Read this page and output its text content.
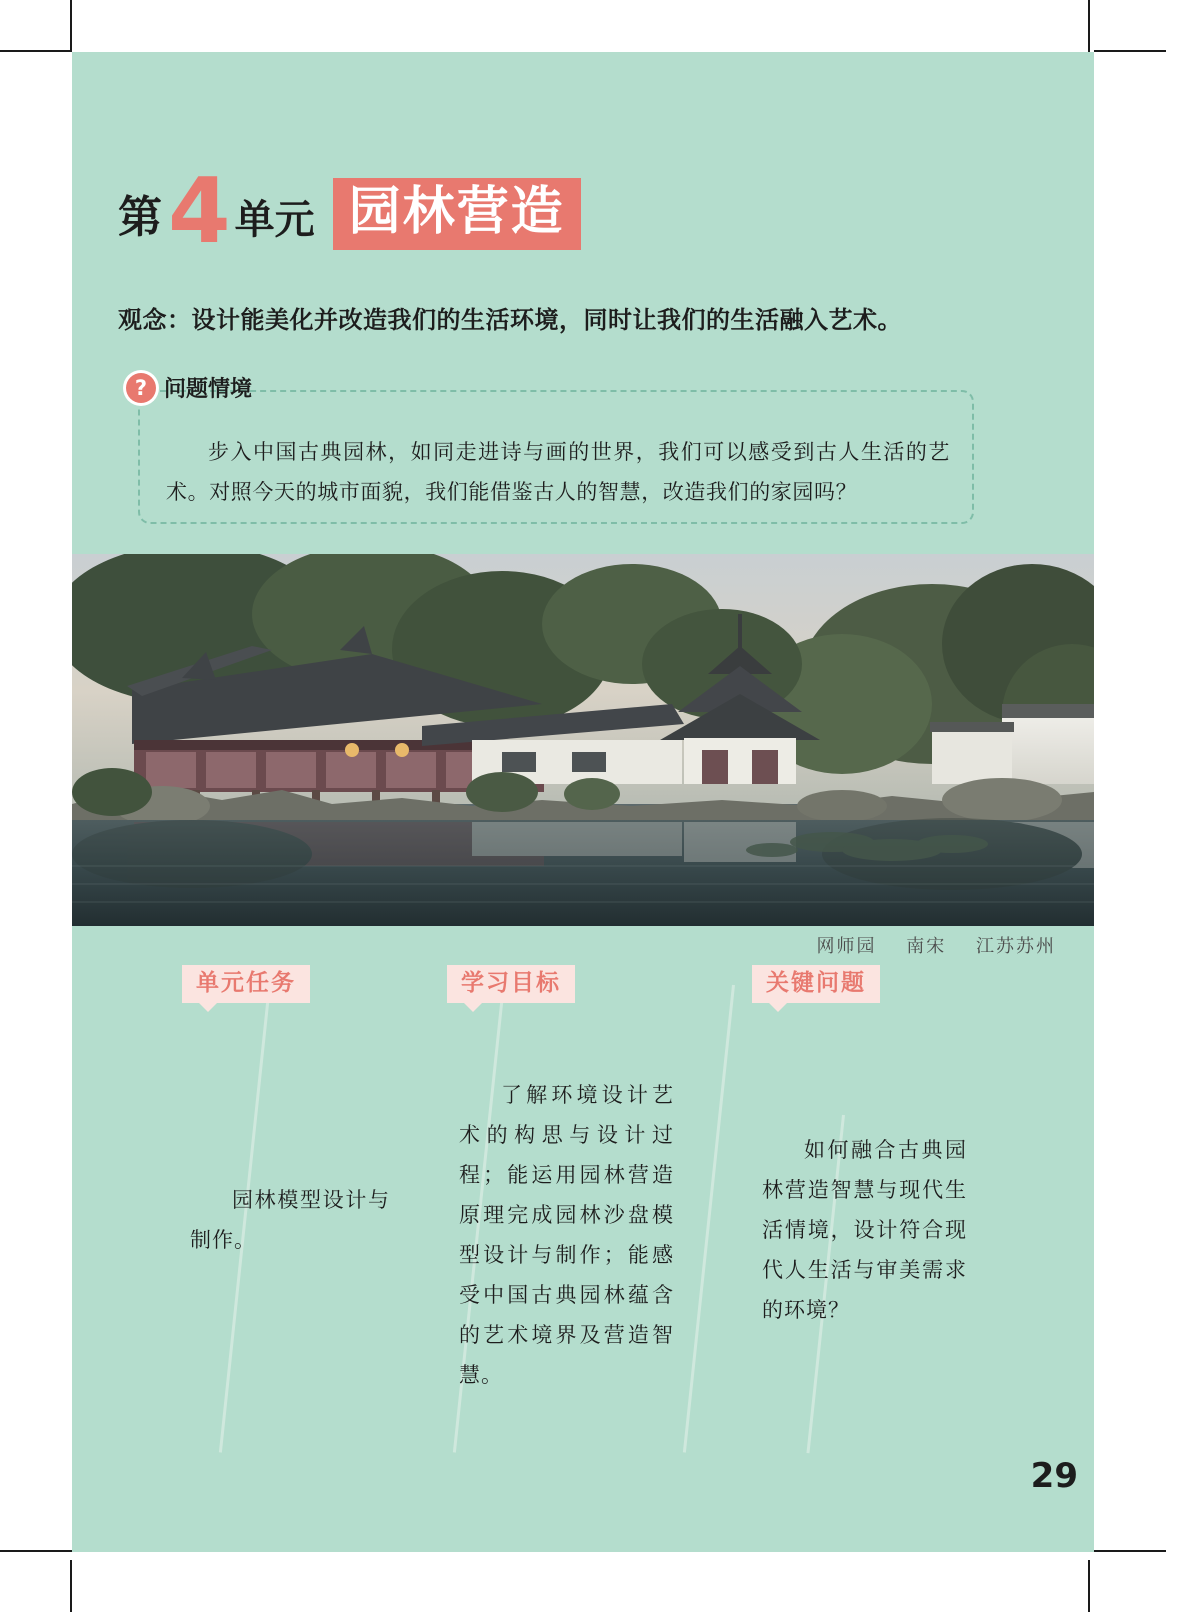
第 4 单元 园林营造
观念：设计能美化并改造我们的生活环境，同时让我们的生活融入艺术。
? 问题情境
步入中国古典园林，如同走进诗与画的世界，我们可以感受到古人生活的艺术。对照今天的城市面貌，我们能借鉴古人的智慧，改造我们的家园吗？
网师园 南宋 江苏苏州
单元任务
园林模型设计与制作。
学习目标
了解环境设计艺术的构思与设计过程；能运用园林营造原理完成园林沙盘模型设计与制作；能感受中国古典园林蕴含的艺术境界及营造智慧。
关键问题
如何融合古典园林营造智慧与现代生活情境，设计符合现代人生活与审美需求的环境？
29
